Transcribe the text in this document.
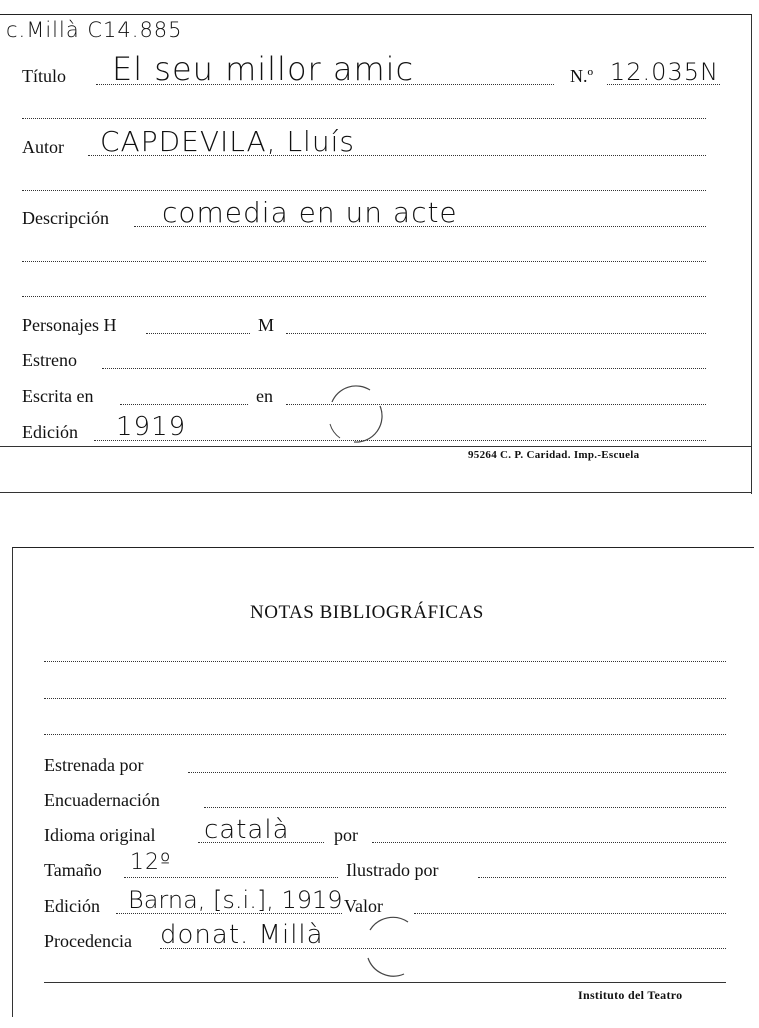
c.Millà C14.885
Título El seu millor amic	N.º 12.035N
Autor CAPDEVILA, Lluís
Descripción comedia en un acte
Personajes H	M
Estreno
Escrita en	en
Edición 1919
95264 C. P. Caridad. Imp.-Escuela
NOTAS BIBLIOGRÁFICAS
Estrenada por
Encuadernación
Idioma original català por
Tamaño 12º	Ilustrado por
Edición Barna, [s.i.], 1919 Valor
Procedencia donat. Millà
Instituto del Teatro
